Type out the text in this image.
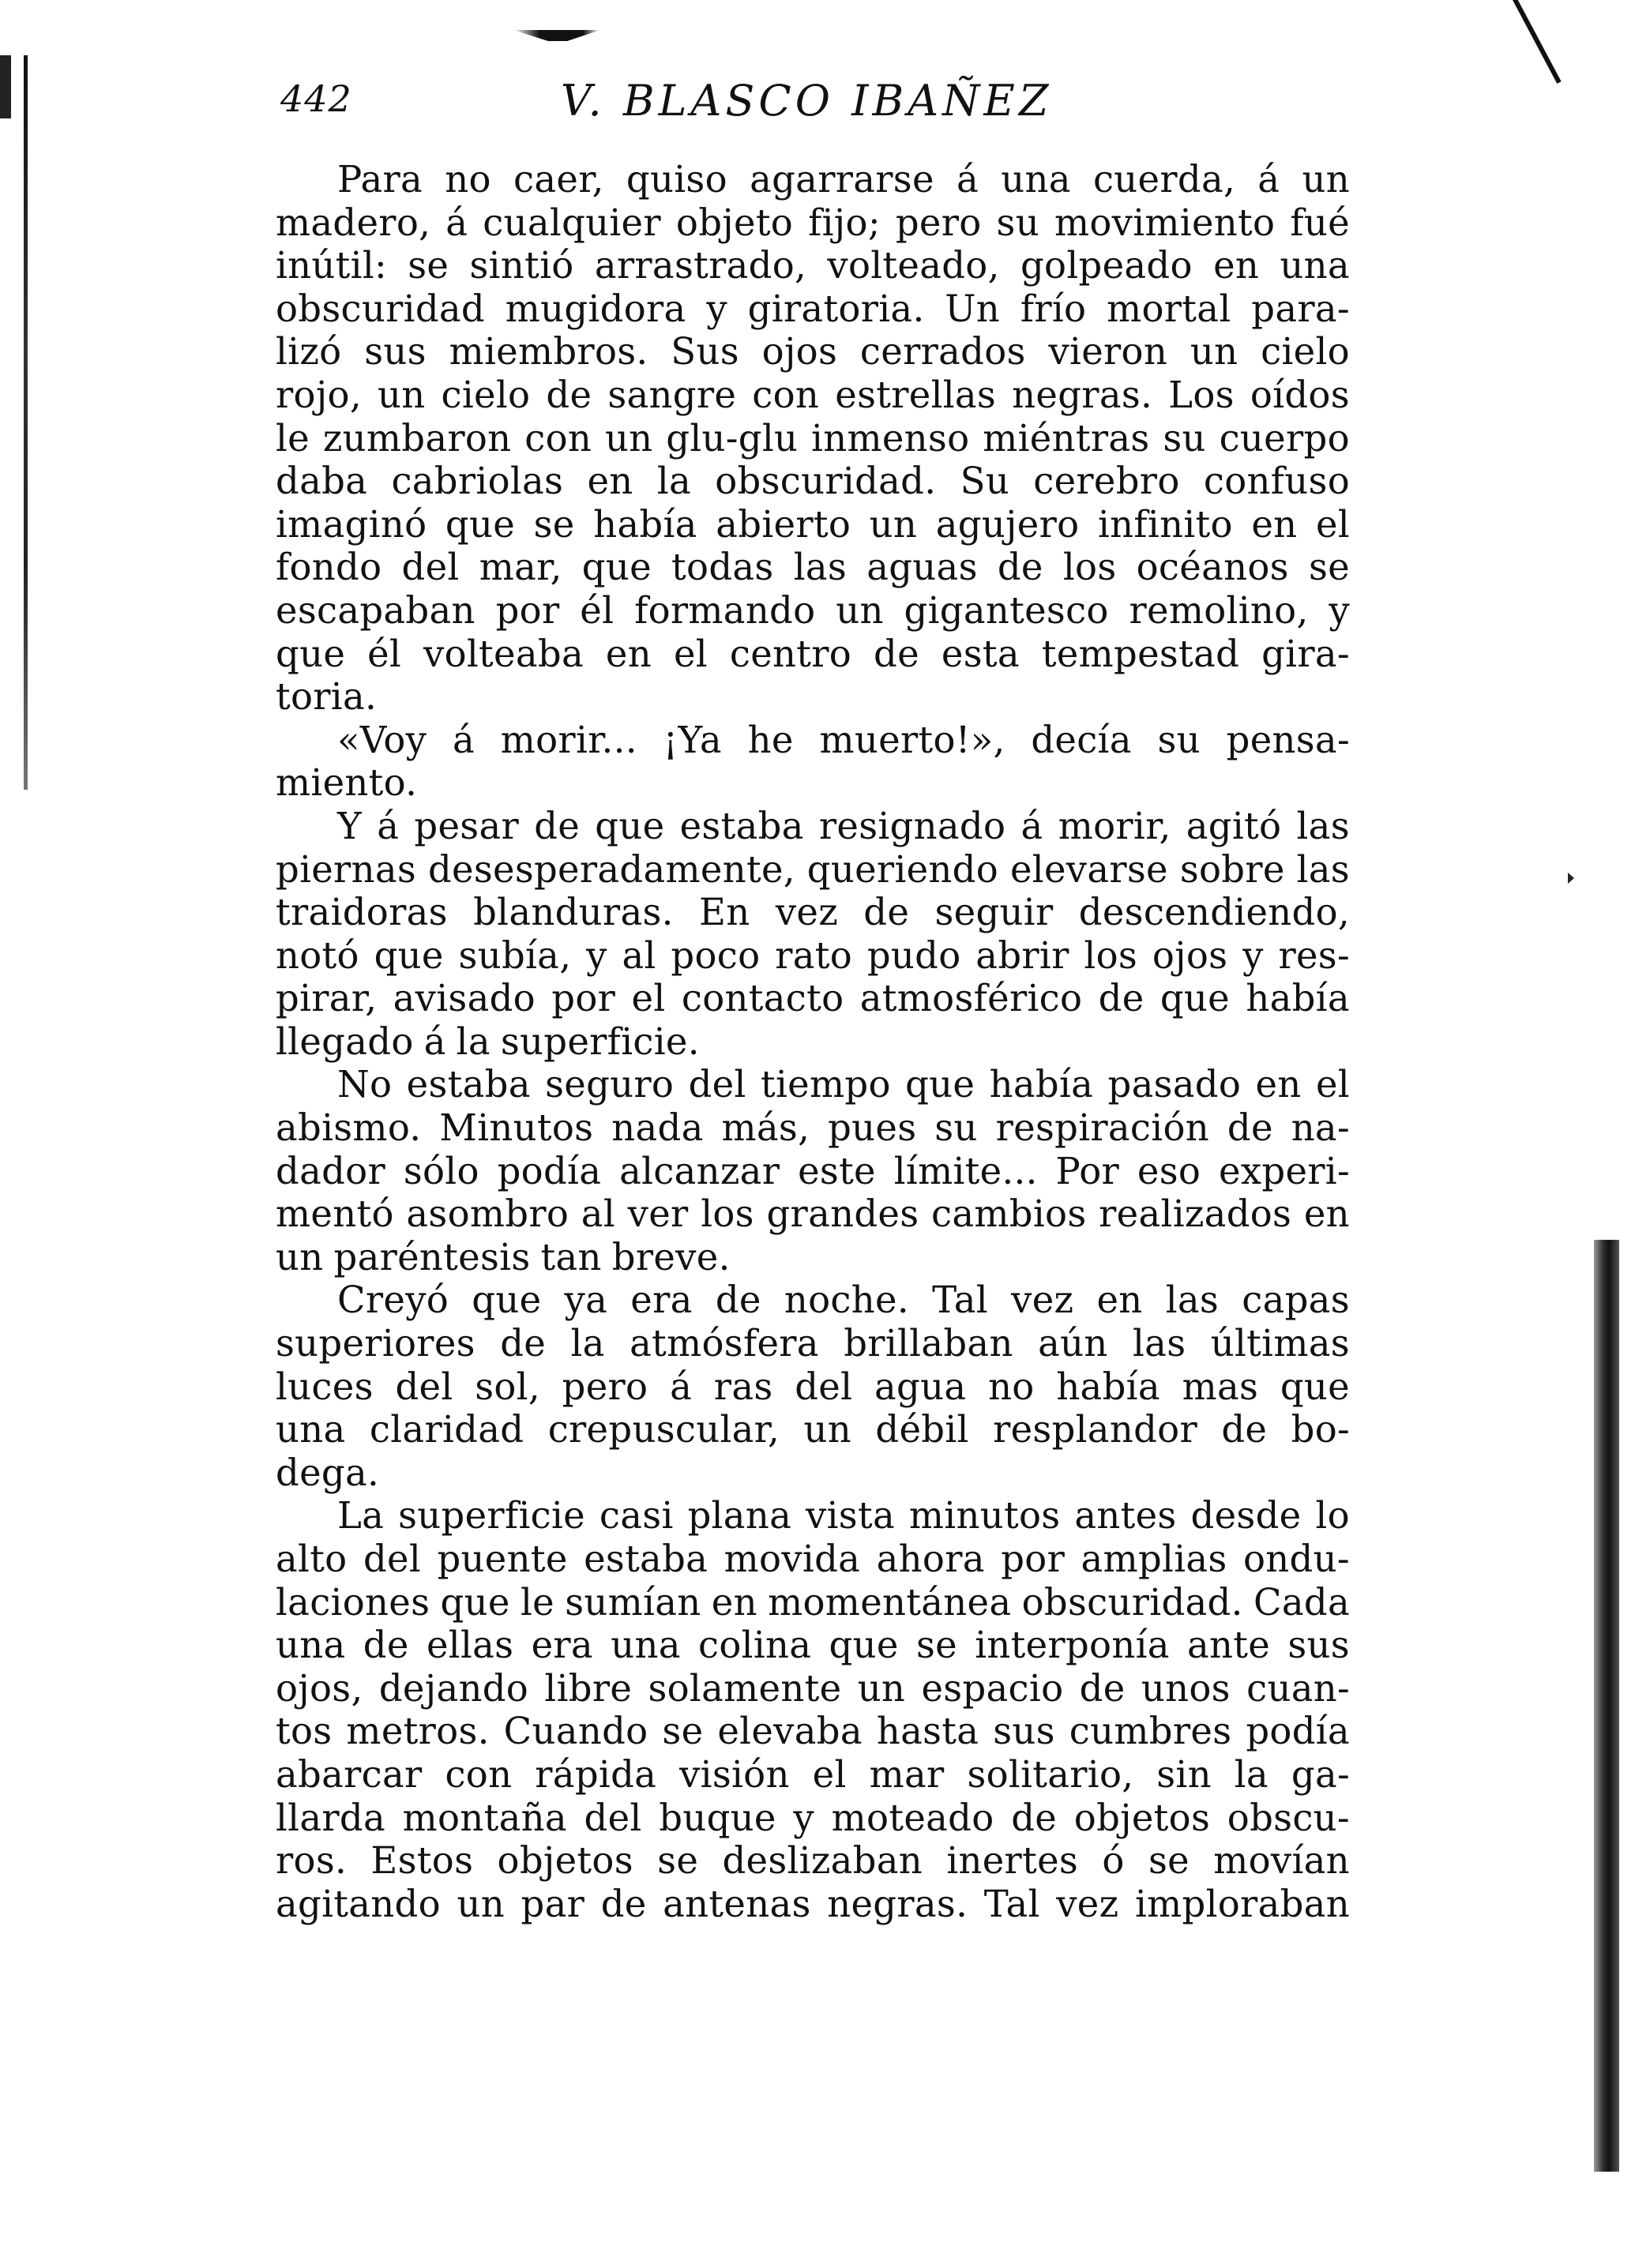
442	V. BLASCO IBAÑEZ
Para no caer, quiso agarrarse á una cuerda, á un
madero, á cualquier objeto fijo; pero su movimiento fué
inútil: se sintió arrastrado, volteado, golpeado en una
obscuridad mugidora y giratoria. Un frío mortal para-
lizó sus miembros. Sus ojos cerrados vieron un cielo
rojo, un cielo de sangre con estrellas negras. Los oídos
le zumbaron con un glu-glu inmenso miéntras su cuerpo
daba cabriolas en la obscuridad. Su cerebro confuso
imaginó que se había abierto un agujero infinito en el
fondo del mar, que todas las aguas de los océanos se
escapaban por él formando un gigantesco remolino, y
que él volteaba en el centro de esta tempestad gira-
toria.
«Voy á morir... ¡Ya he muerto!», decía su pensa-
miento.
Y á pesar de que estaba resignado á morir, agitó las
piernas desesperadamente, queriendo elevarse sobre las
traidoras blanduras. En vez de seguir descendiendo,
notó que subía, y al poco rato pudo abrir los ojos y res-
pirar, avisado por el contacto atmosférico de que había
llegado á la superficie.
No estaba seguro del tiempo que había pasado en el
abismo. Minutos nada más, pues su respiración de na-
dador sólo podía alcanzar este límite... Por eso experi-
mentó asombro al ver los grandes cambios realizados en
un paréntesis tan breve.
Creyó que ya era de noche. Tal vez en las capas
superiores de la atmósfera brillaban aún las últimas
luces del sol, pero á ras del agua no había mas que
una claridad crepuscular, un débil resplandor de bo-
dega.
La superficie casi plana vista minutos antes desde lo
alto del puente estaba movida ahora por amplias ondu-
laciones que le sumían en momentánea obscuridad. Cada
una de ellas era una colina que se interponía ante sus
ojos, dejando libre solamente un espacio de unos cuan-
tos metros. Cuando se elevaba hasta sus cumbres podía
abarcar con rápida visión el mar solitario, sin la ga-
llarda montaña del buque y moteado de objetos obscu-
ros. Estos objetos se deslizaban inertes ó se movían
agitando un par de antenas negras. Tal vez imploraban
